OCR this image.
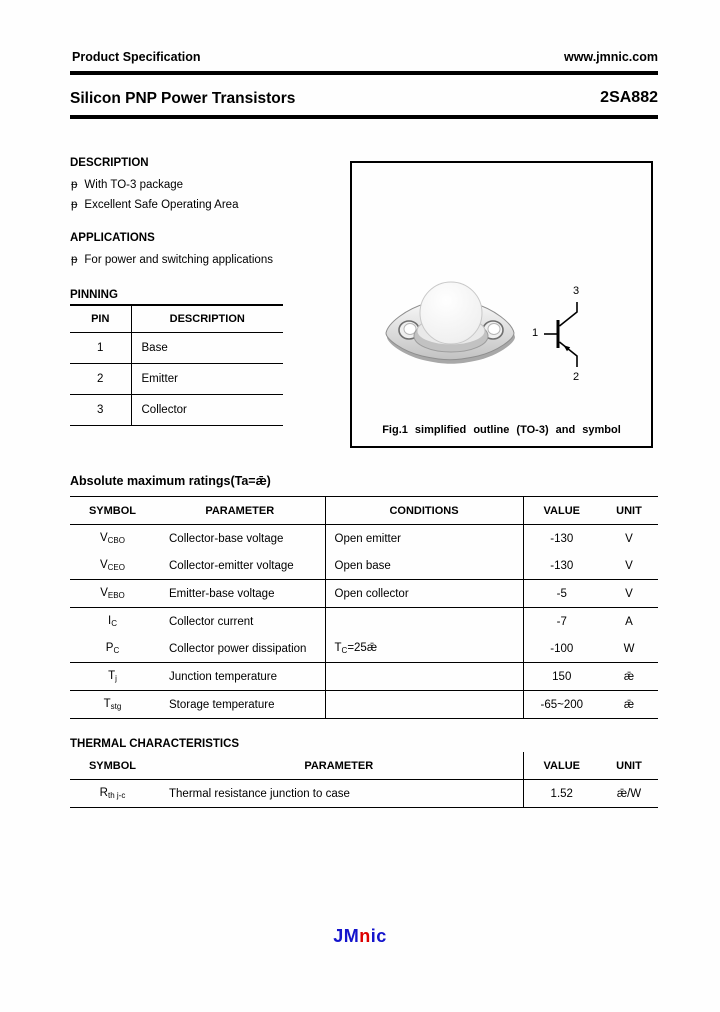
Product Specification	www.jmnic.com
Silicon PNP Power Transistors	2SA882
DESCRIPTION
ᵽ With TO-3 package
ᵽ Excellent Safe Operating Area
APPLICATIONS
ᵽ For power and switching applications
PINNING
PIN	DESCRIPTION
1	Base
2	Emitter
3	Collector
1
3
2
Fig.1 simplified outline (TO-3) and symbol
Absolute maximum ratings(Ta=ǣ)
SYMBOL	PARAMETER	CONDITIONS	VALUE	UNIT
$V_{CBO}$	Collector-base voltage	Open emitter	-130	V
$V_{CEO}$	Collector-emitter voltage	Open base	-130	V
$V_{EBO}$	Emitter-base voltage	Open collector	-5	V
$I_C$	Collector current		-7	A
$P_C$	Collector power dissipation	$T_C=25ǣ$	-100	W
$T_j$	Junction temperature		150	ǣ
$T_{stg}$	Storage temperature		-65~200	ǣ
THERMAL CHARACTERISTICS
SYMBOL	PARAMETER	VALUE	UNIT
$R_{th j-c}$	Thermal resistance junction to case	1.52	ǣ/W
JMnic
